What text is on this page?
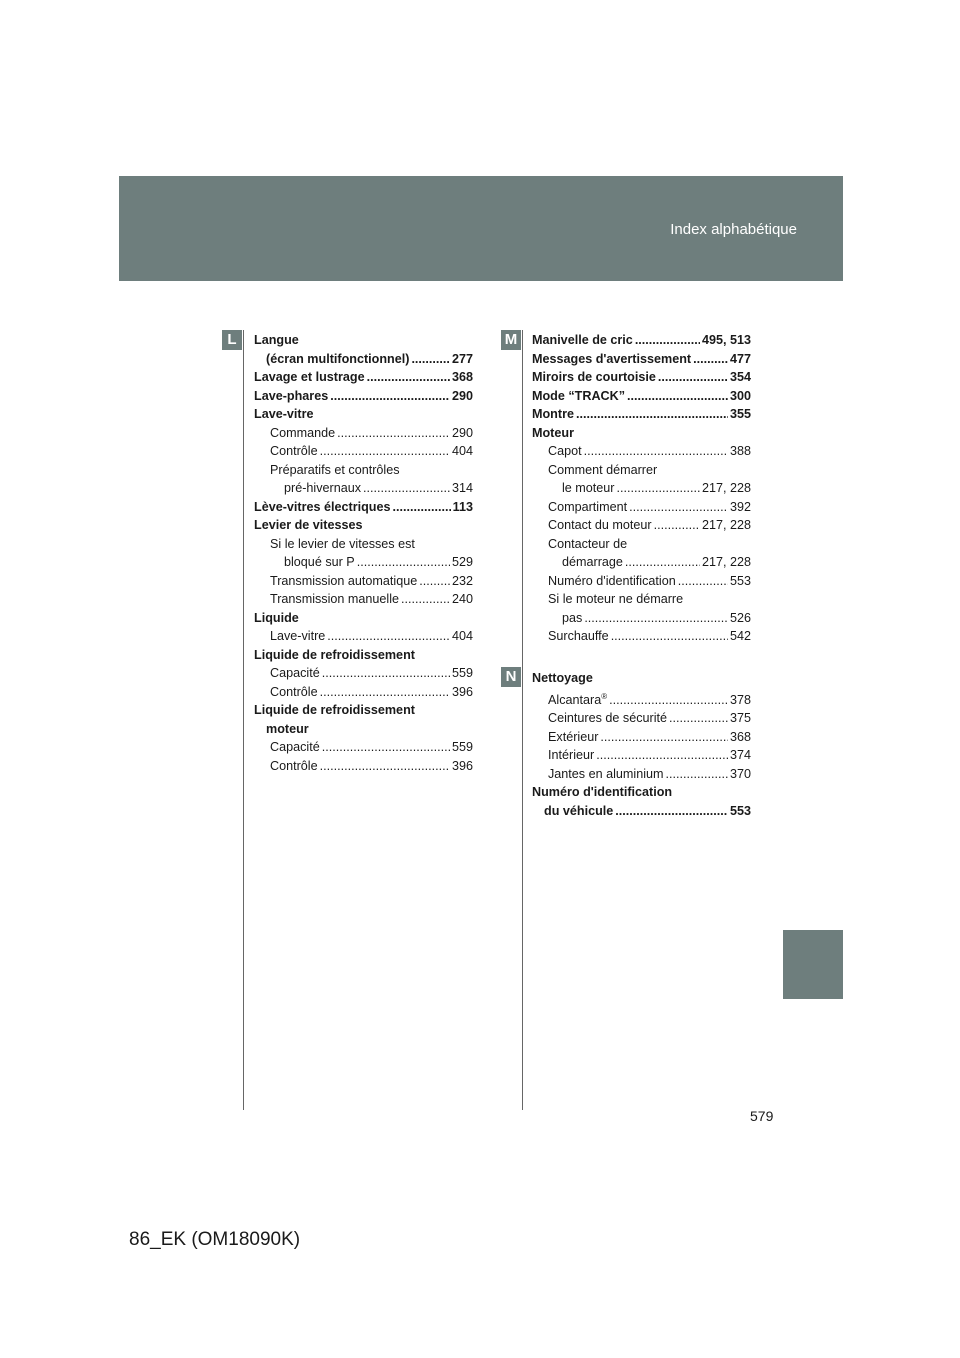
Index alphabétique
L	M
N
Langue
(écran multifonctionnel) .....	277
Lavage et lustrage .....	368
Lave-phares .....	290
Lave-vitre
Commande .....	290
Contrôle .....	404
Préparatifs et contrôles
pré-hivernaux .....	314
Lève-vitres électriques .....	113
Levier de vitesses
Si le levier de vitesses est
bloqué sur P .....	529
Transmission automatique .....	232
Transmission manuelle .....	240
Liquide
Lave-vitre .....	404
Liquide de refroidissement
Capacité .....	559
Contrôle .....	396
Liquide de refroidissement
moteur
Capacité .....	559
Contrôle .....	396
Manivelle de cric .....	495, 513
Messages d'avertissement .....	477
Miroirs de courtoisie .....	354
Mode “TRACK” .....	300
Montre .....	355
Moteur
Capot .....	388
Comment démarrer
le moteur .....	217, 228
Compartiment .....	392
Contact du moteur .....	217, 228
Contacteur de
démarrage .....	217, 228
Numéro d'identification .....	553
Si le moteur ne démarre
pas .....	526
Surchauffe .....	542
Nettoyage
Alcantara® .....	378
Ceintures de sécurité .....	375
Extérieur .....	368
Intérieur .....	374
Jantes en aluminium .....	370
Numéro d'identification
du véhicule .....	553
579
86_EK (OM18090K)
